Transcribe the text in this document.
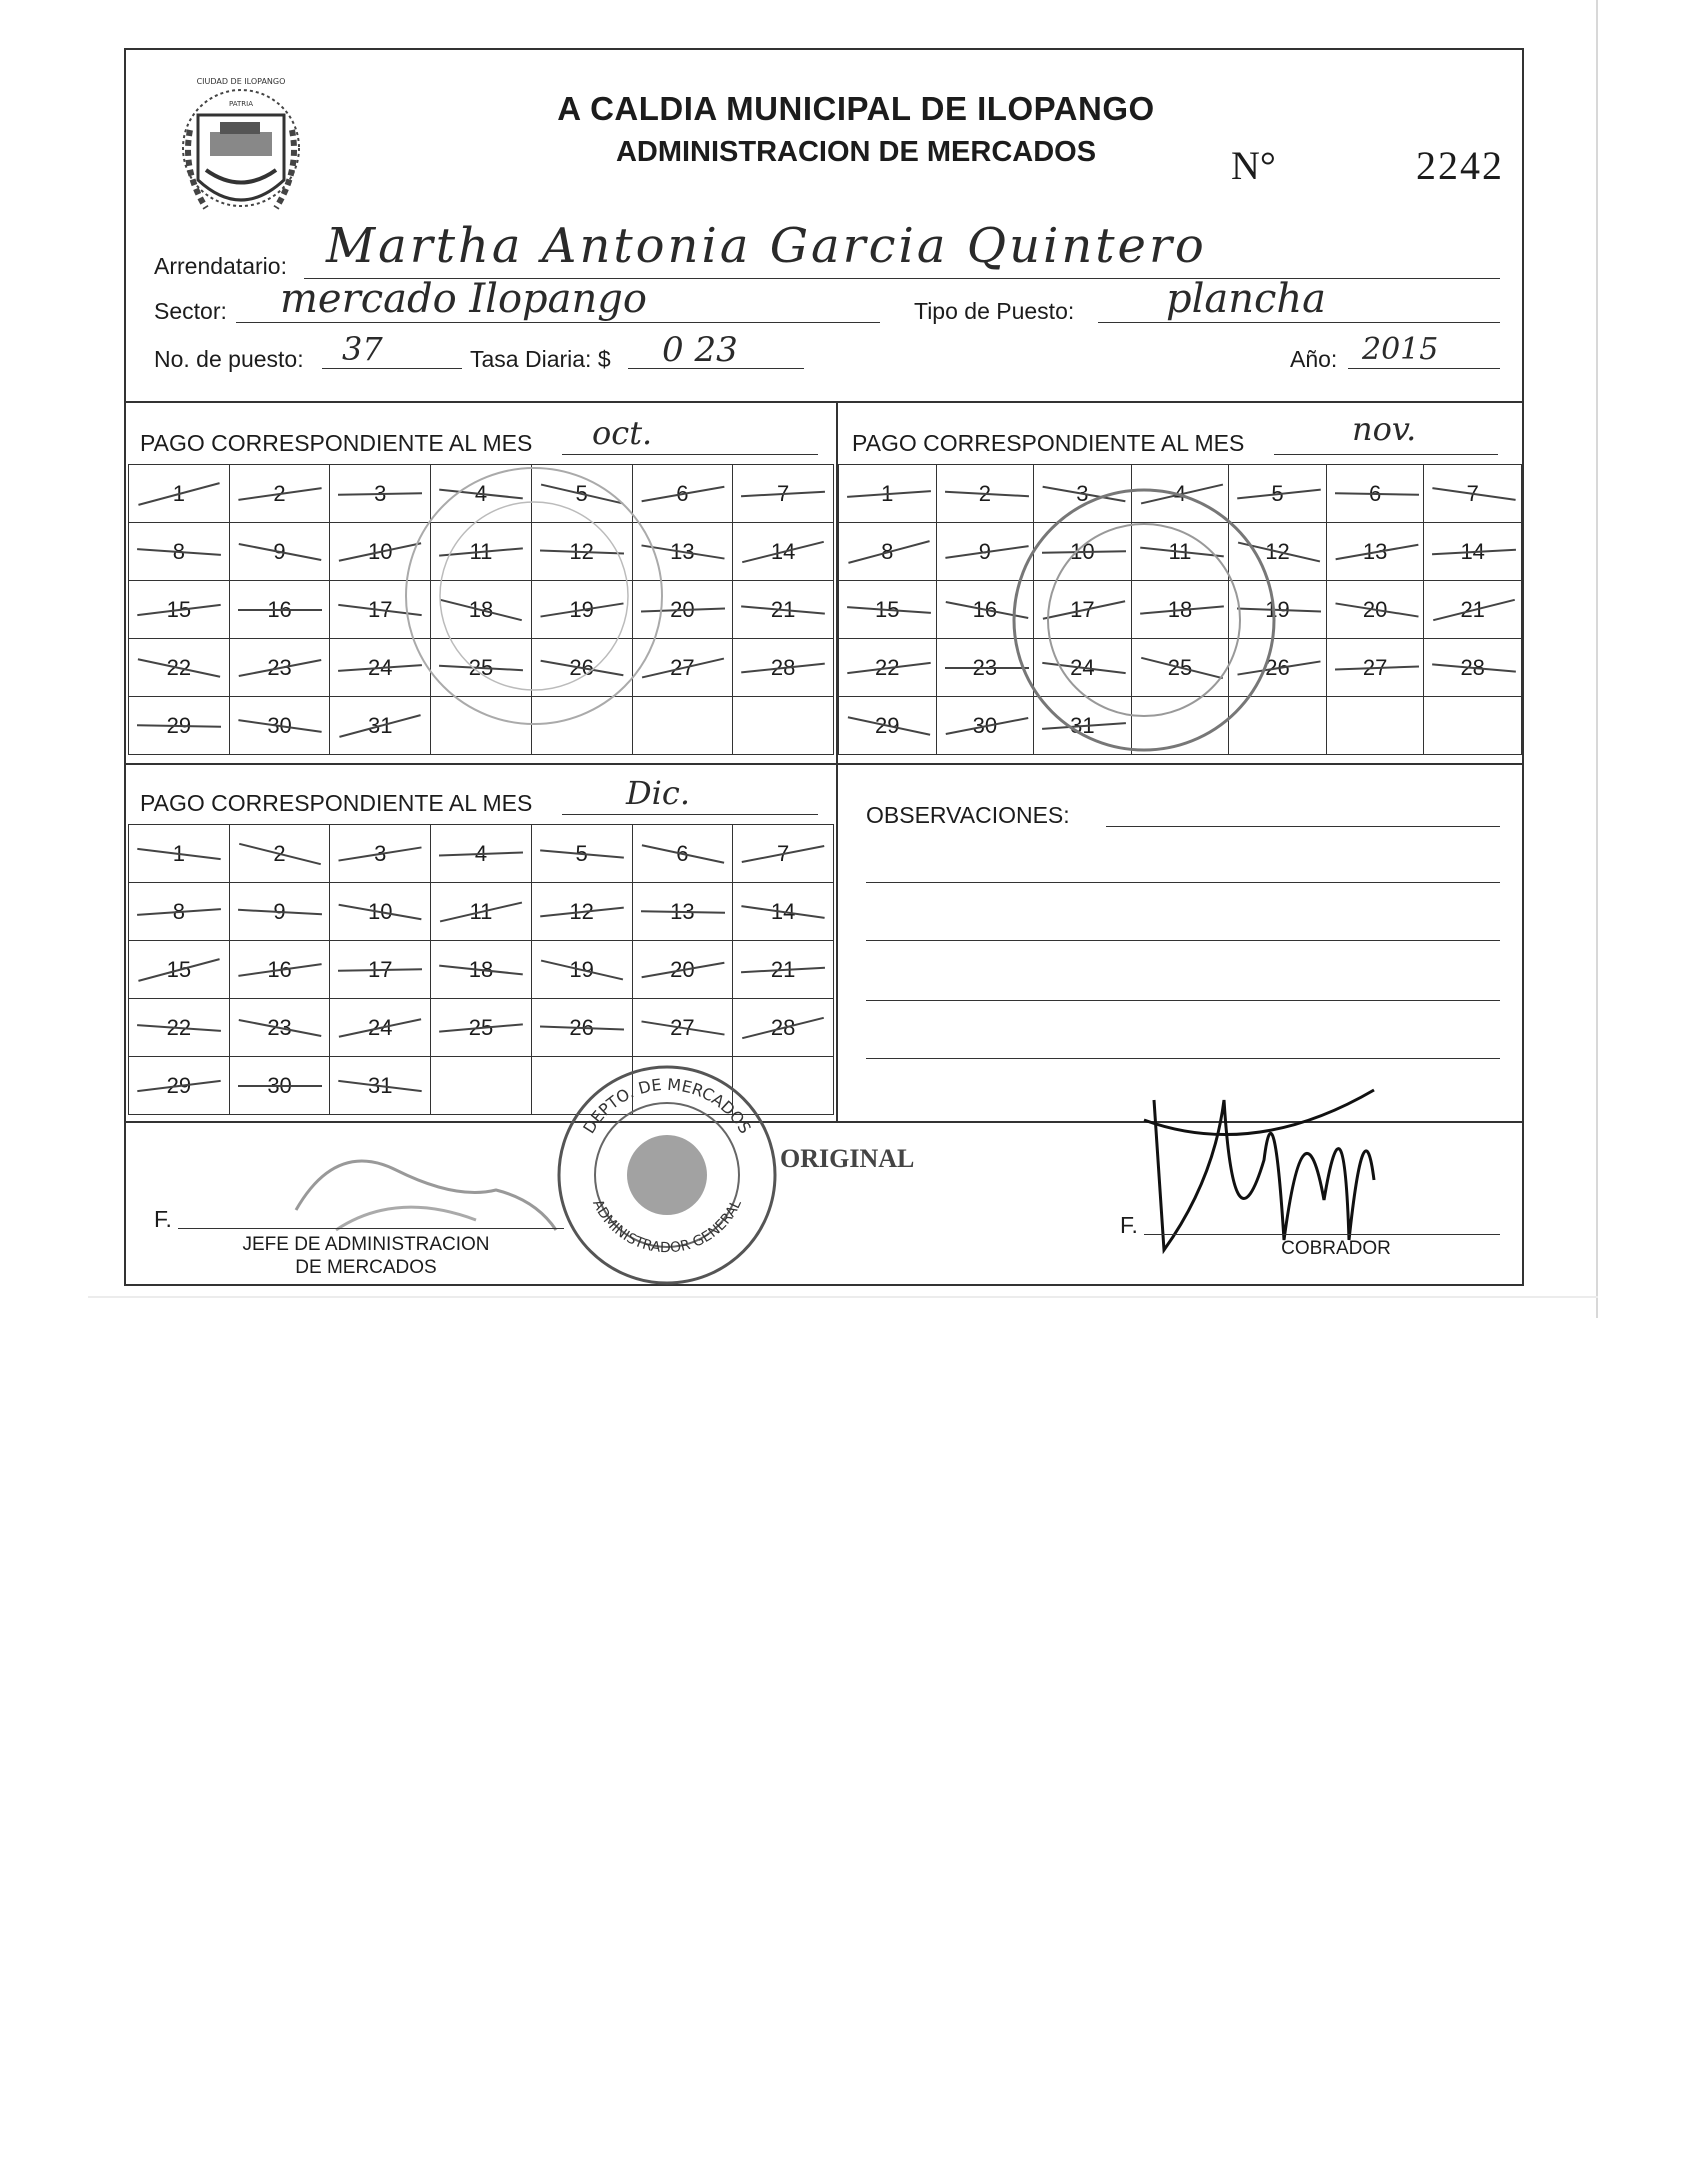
CIUDAD DE ILOPANGO
PATRIA	A CALDIA MUNICIPAL DE ILOPANGO
ADMINISTRACION DE MERCADOS	N°	2242
Arrendatario: Martha Antonia Garcia Quintero
Sector: mercado Ilopango	Tipo de Puesto: plancha
No. de puesto: 37	Tasa Diaria: $ 0 23	Año: 2015
PAGO CORRESPONDIENTE AL MES oct.	PAGO CORRESPONDIENTE AL MES	nov.
PAGO CORRESPONDIENTE AL MES	Dic.
1	2	3	4	5	6	7

8	9	10	11	12	13	14

15	16	17	18	19	20	21

22	23	24	25	26	27	28

29	30	31

1	2	3	4	5	6	7

8	9	10	11	12	13	14

15	16	17	18	19	20	21

22	23	24	25	26	27	28

29	30	31

1	2	3	4	5	6	7

8	9	10	11	12	13	14

15	16	17	18	19	20	21

22	23	24	25	26	27	28

29	30	31

OBSERVACIONES:
DEPTO. DE MERCADOS
ADMINISTRADOR GENERAL
ORIGINAL
F.
JEFE DE ADMINISTRACION
DE MERCADOS
F.
COBRADOR
